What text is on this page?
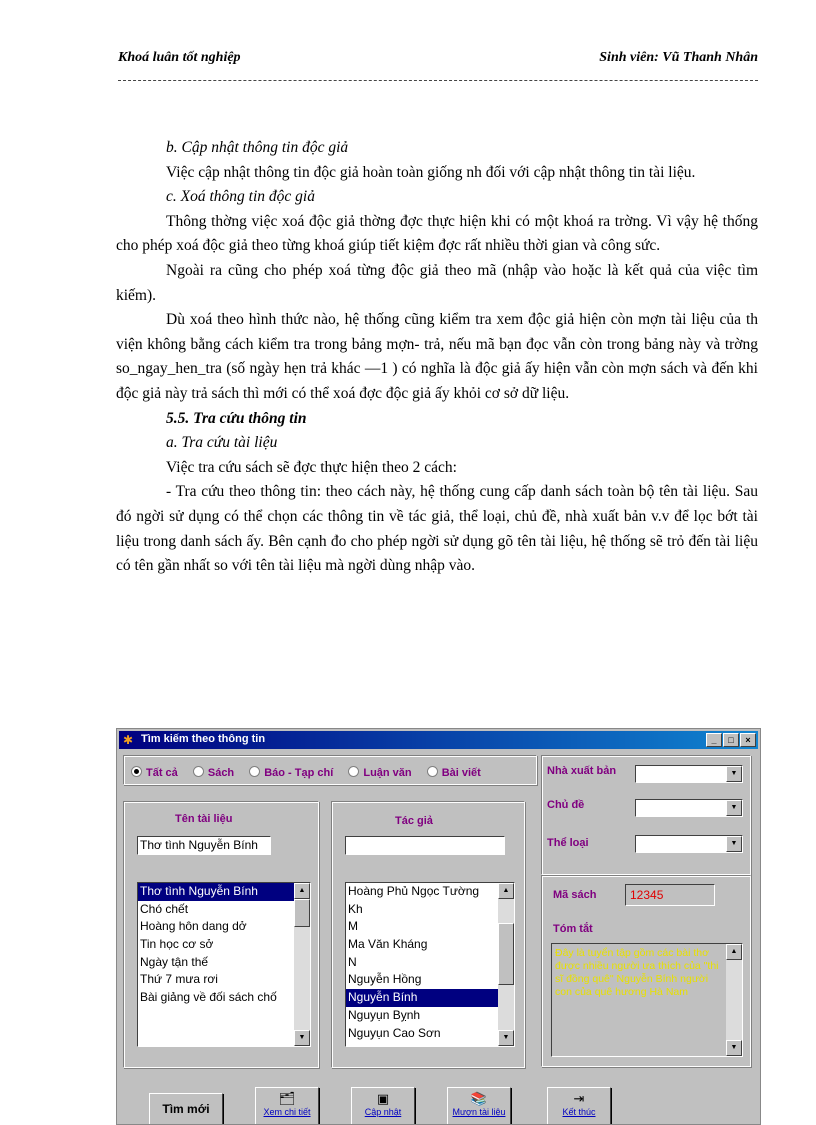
Khoá luân tốt nghiệp	Sinh viên: Vũ Thanh Nhân

b. Cập nhật thông tin độc giả

Việc cập nhật thông tin độc giả hoàn toàn giống nh đối với cập nhật thông tin tài liệu.

c. Xoá thông tin độc giả

Thông thờng việc xoá độc giả thờng đợc thực hiện khi có một khoá ra trờng. Vì vậy hệ thống cho phép xoá độc giả theo từng khoá giúp tiết kiệm đợc rất nhiều thời gian và công sức.

Ngoài ra cũng cho phép xoá từng độc giả theo mã (nhập vào hoặc là kết quả của việc tìm kiếm).

Dù xoá theo hình thức nào, hệ thống cũng kiểm tra xem độc giả hiện còn mợn tài liệu của th viện không bằng cách kiểm tra trong bảng mợn- trả, nếu mã bạn đọc vẫn còn trong bảng này và trờng so_ngay_hen_tra (số ngày hẹn trả khác —1 ) có nghĩa là độc giả ấy hiện vẫn còn mợn sách và đến khi độc giả này trả sách thì mới có thể xoá đợc độc giả ấy khỏi cơ sở dữ liệu.

5.5. Tra cứu thông tin

a. Tra cứu tài liệu

Việc tra cứu sách sẽ đợc thực hiện theo 2 cách:

- Tra cứu theo thông tin: theo cách này, hệ thống cung cấp danh sách toàn bộ tên tài liệu. Sau đó ngời sử dụng có thể chọn các thông tin về tác giả, thể loại, chủ đề, nhà xuất bản v.v để lọc bớt tài liệu trong danh sách ấy. Bên cạnh đo cho phép ngời sử dụng gõ tên tài liệu, hệ thống sẽ trỏ đến tài liệu có tên gần nhất so với tên tài liệu mà ngời dùng nhập vào.

✱ Tìm kiếm theo thông tin	_ □ ×
Tất cả	Sách	Báo - Tạp chí	Luận văn	Bài viết
Tên tài liệu	Tác giả
Thơ tình Nguyễn Bính
Thơ tình Nguyễn Bính
Chó chết
Hoàng hôn dang dở
Tin học cơ sở
Ngày tận thế
Thứ 7 mưa rơi
Bài giảng về đối sách chố
▲
▼
Hoàng Phủ Ngọc Tường
Kh
M
Ma Văn Kháng
N
Nguyễn Hồng
Nguyễn Bính
Nguyụn Bỵnh
Nguyụn Cao Sơn
▲
▼
Nhà xuất bản	▼
Chủ đề	▼
Thể loại	▼
Mã sách	12345
Tóm tắt
Đây là tuyển tập gồm các bài thơ được nhiều người ưa thích của "thi sĩ đồng quê" Nguyễn Bính người con của quê hương Hà Nam
▲
▼
Tìm mới
🗂
Xem chi tiết
▣
Cập nhật
📚
Mượn tài liệu
⇥
Kết thúc
